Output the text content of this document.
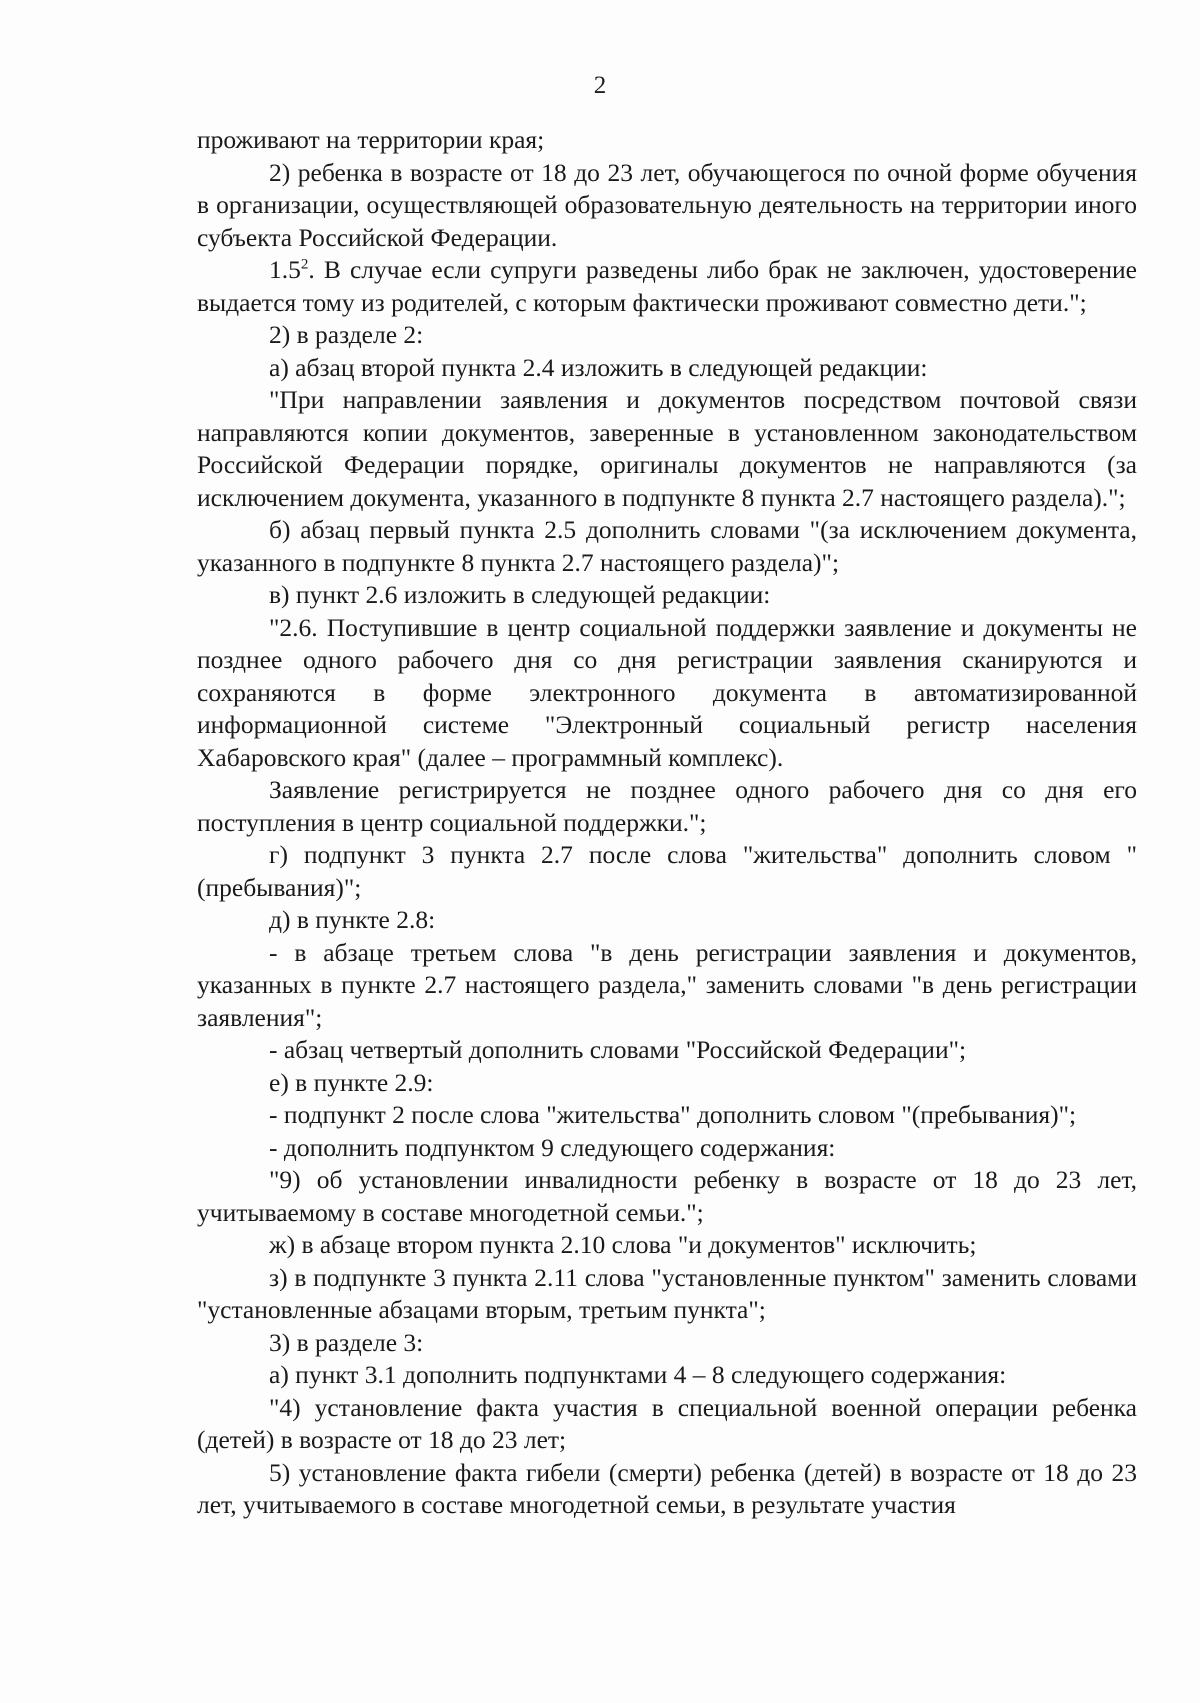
2

проживают на территории края;

2) ребенка в возрасте от 18 до 23 лет, обучающегося по очной форме обучения в организации, осуществляющей образовательную деятельность на территории иного субъекта Российской Федерации.

$1.5^2$. В случае если супруги разведены либо брак не заключен, удостоверение выдается тому из родителей, с которым фактически проживают совместно дети.";

2) в разделе 2:

а) абзац второй пункта 2.4 изложить в следующей редакции:

"При направлении заявления и документов посредством почтовой связи направляются копии документов, заверенные в установленном законодательством Российской Федерации порядке, оригиналы документов не направляются (за исключением документа, указанного в подпункте 8 пункта 2.7 настоящего раздела).";

б) абзац первый пункта 2.5 дополнить словами "(за исключением документа, указанного в подпункте 8 пункта 2.7 настоящего раздела)";

в) пункт 2.6 изложить в следующей редакции:

"2.6. Поступившие в центр социальной поддержки заявление и документы не позднее одного рабочего дня со дня регистрации заявления сканируются и сохраняются в форме электронного документа в автоматизированной информационной системе "Электронный социальный регистр населения Хабаровского края" (далее – программный комплекс).

Заявление регистрируется не позднее одного рабочего дня со дня его поступления в центр социальной поддержки.";

г) подпункт 3 пункта 2.7 после слова "жительства" дополнить словом "(пребывания)";

д) в пункте 2.8:

- в абзаце третьем слова "в день регистрации заявления и документов, указанных в пункте 2.7 настоящего раздела," заменить словами "в день регистрации заявления";

- абзац четвертый дополнить словами "Российской Федерации";

е) в пункте 2.9:

- подпункт 2 после слова "жительства" дополнить словом "(пребывания)";

- дополнить подпунктом 9 следующего содержания:

"9) об установлении инвалидности ребенку в возрасте от 18 до 23 лет, учитываемому в составе многодетной семьи.";

ж) в абзаце втором пункта 2.10 слова "и документов" исключить;

з) в подпункте 3 пункта 2.11 слова "установленные пунктом" заменить словами "установленные абзацами вторым, третьим пункта";

3) в разделе 3:

а) пункт 3.1 дополнить подпунктами 4 – 8 следующего содержания:

"4) установление факта участия в специальной военной операции ребенка (детей) в возрасте от 18 до 23 лет;

5) установление факта гибели (смерти) ребенка (детей) в возрасте от 18 до 23 лет, учитываемого в составе многодетной семьи, в результате участия
